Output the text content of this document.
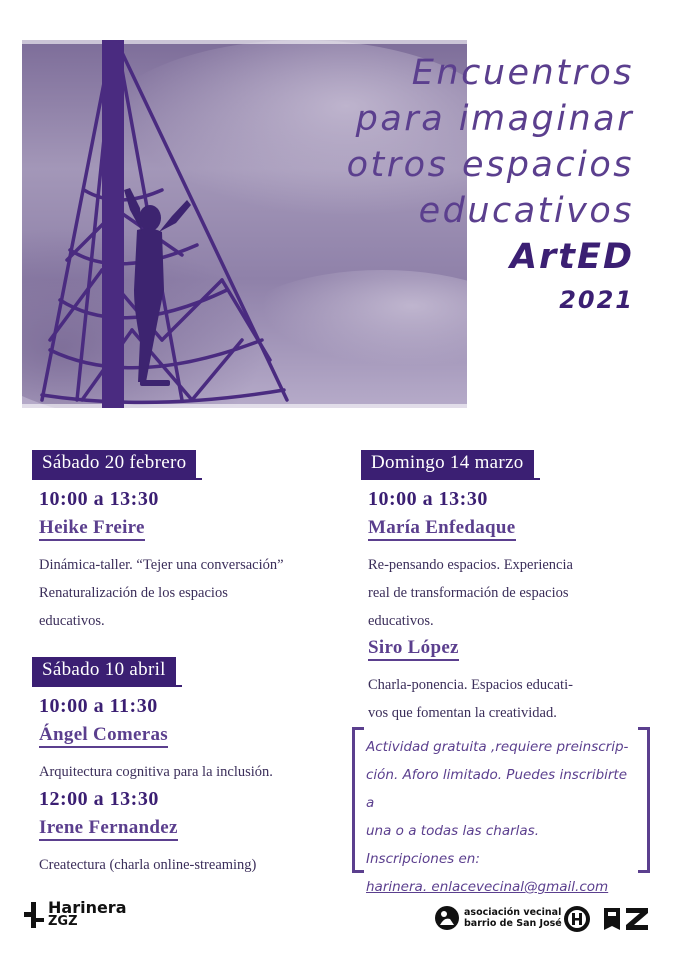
Encuentros
para imaginar
otros espacios
educativos
ArtED
2021
Sábado 20 febrero
10:00 a 13:30
Heike Freire
Dinámica-taller. “Tejer una conversación”
Renaturalización de los espacios
educativos.
Sábado 10 abril
10:00 a 11:30
Ángel Comeras
Arquitectura cognitiva para la inclusión.
12:00 a 13:30
Irene Fernandez
Createctura (charla online-streaming)
Domingo 14 marzo
10:00 a 13:30
María Enfedaque
Re-pensando espacios. Experiencia
real de transformación de espacios
educativos.
Siro López
Charla-ponencia. Espacios educati-
vos que fomentan la creatividad.
Actividad gratuita ,requiere preinscrip-
ción. Aforo limitado. Puedes inscribirte a
una o a todas las charlas.
Inscripciones en:
harinera. enlacevecinal@gmail.com
Harinera
ZGZ
asociación vecinal
barrio de San José
